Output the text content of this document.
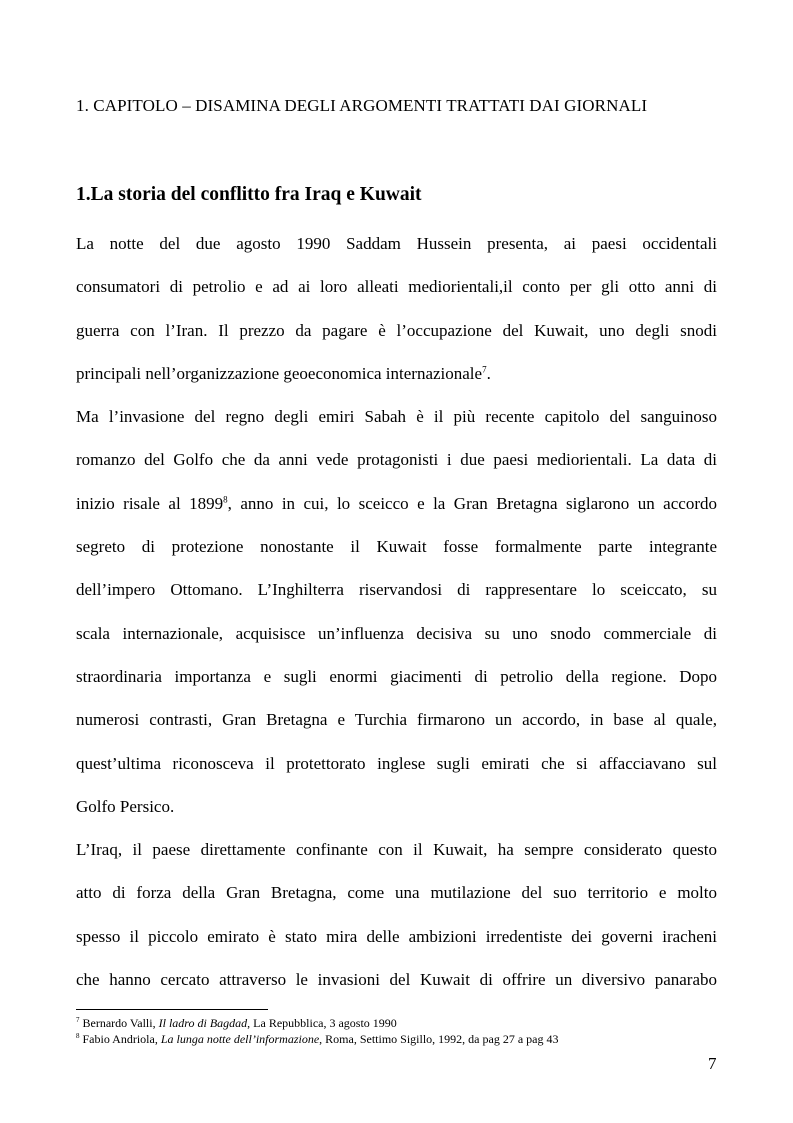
1. CAPITOLO – DISAMINA DEGLI ARGOMENTI TRATTATI DAI GIORNALI
1.La storia del conflitto fra Iraq e Kuwait

La notte del due agosto 1990 Saddam Hussein presenta, ai paesi occidentali
consumatori di petrolio e ad ai loro alleati mediorientali,il conto per gli otto anni di
guerra con l’Iran. Il prezzo da pagare è l’occupazione del Kuwait, uno degli snodi
principali nell’organizzazione geoeconomica internazionale$^7$.

Ma l’invasione del regno degli emiri Sabah è il più recente capitolo del sanguinoso
romanzo del Golfo che da anni vede protagonisti i due paesi mediorientali. La data di
inizio risale al 1899$^8$, anno in cui, lo sceicco e la Gran Bretagna siglarono un accordo
segreto di protezione nonostante il Kuwait fosse formalmente parte integrante
dell’impero Ottomano. L’Inghilterra riservandosi di rappresentare lo sceiccato, su
scala internazionale, acquisisce un’influenza decisiva su uno snodo commerciale di
straordinaria importanza e sugli enormi giacimenti di petrolio della regione. Dopo
numerosi contrasti, Gran Bretagna e Turchia firmarono un accordo, in base al quale,
quest’ultima riconosceva il protettorato inglese sugli emirati che si affacciavano sul
Golfo Persico.

L’Iraq, il paese direttamente confinante con il Kuwait, ha sempre considerato questo
atto di forza della Gran Bretagna, come una mutilazione del suo territorio e molto
spesso il piccolo emirato è stato mira delle ambizioni irredentiste dei governi iracheni
che hanno cercato attraverso le invasioni del Kuwait di offrire un diversivo panarabo

$^7$ Bernardo Valli, Il ladro di Bagdad, La Repubblica, 3 agosto 1990
$^8$ Fabio Andriola, La lunga notte dell’informazione, Roma, Settimo Sigillo, 1992, da pag 27 a pag 43
7
